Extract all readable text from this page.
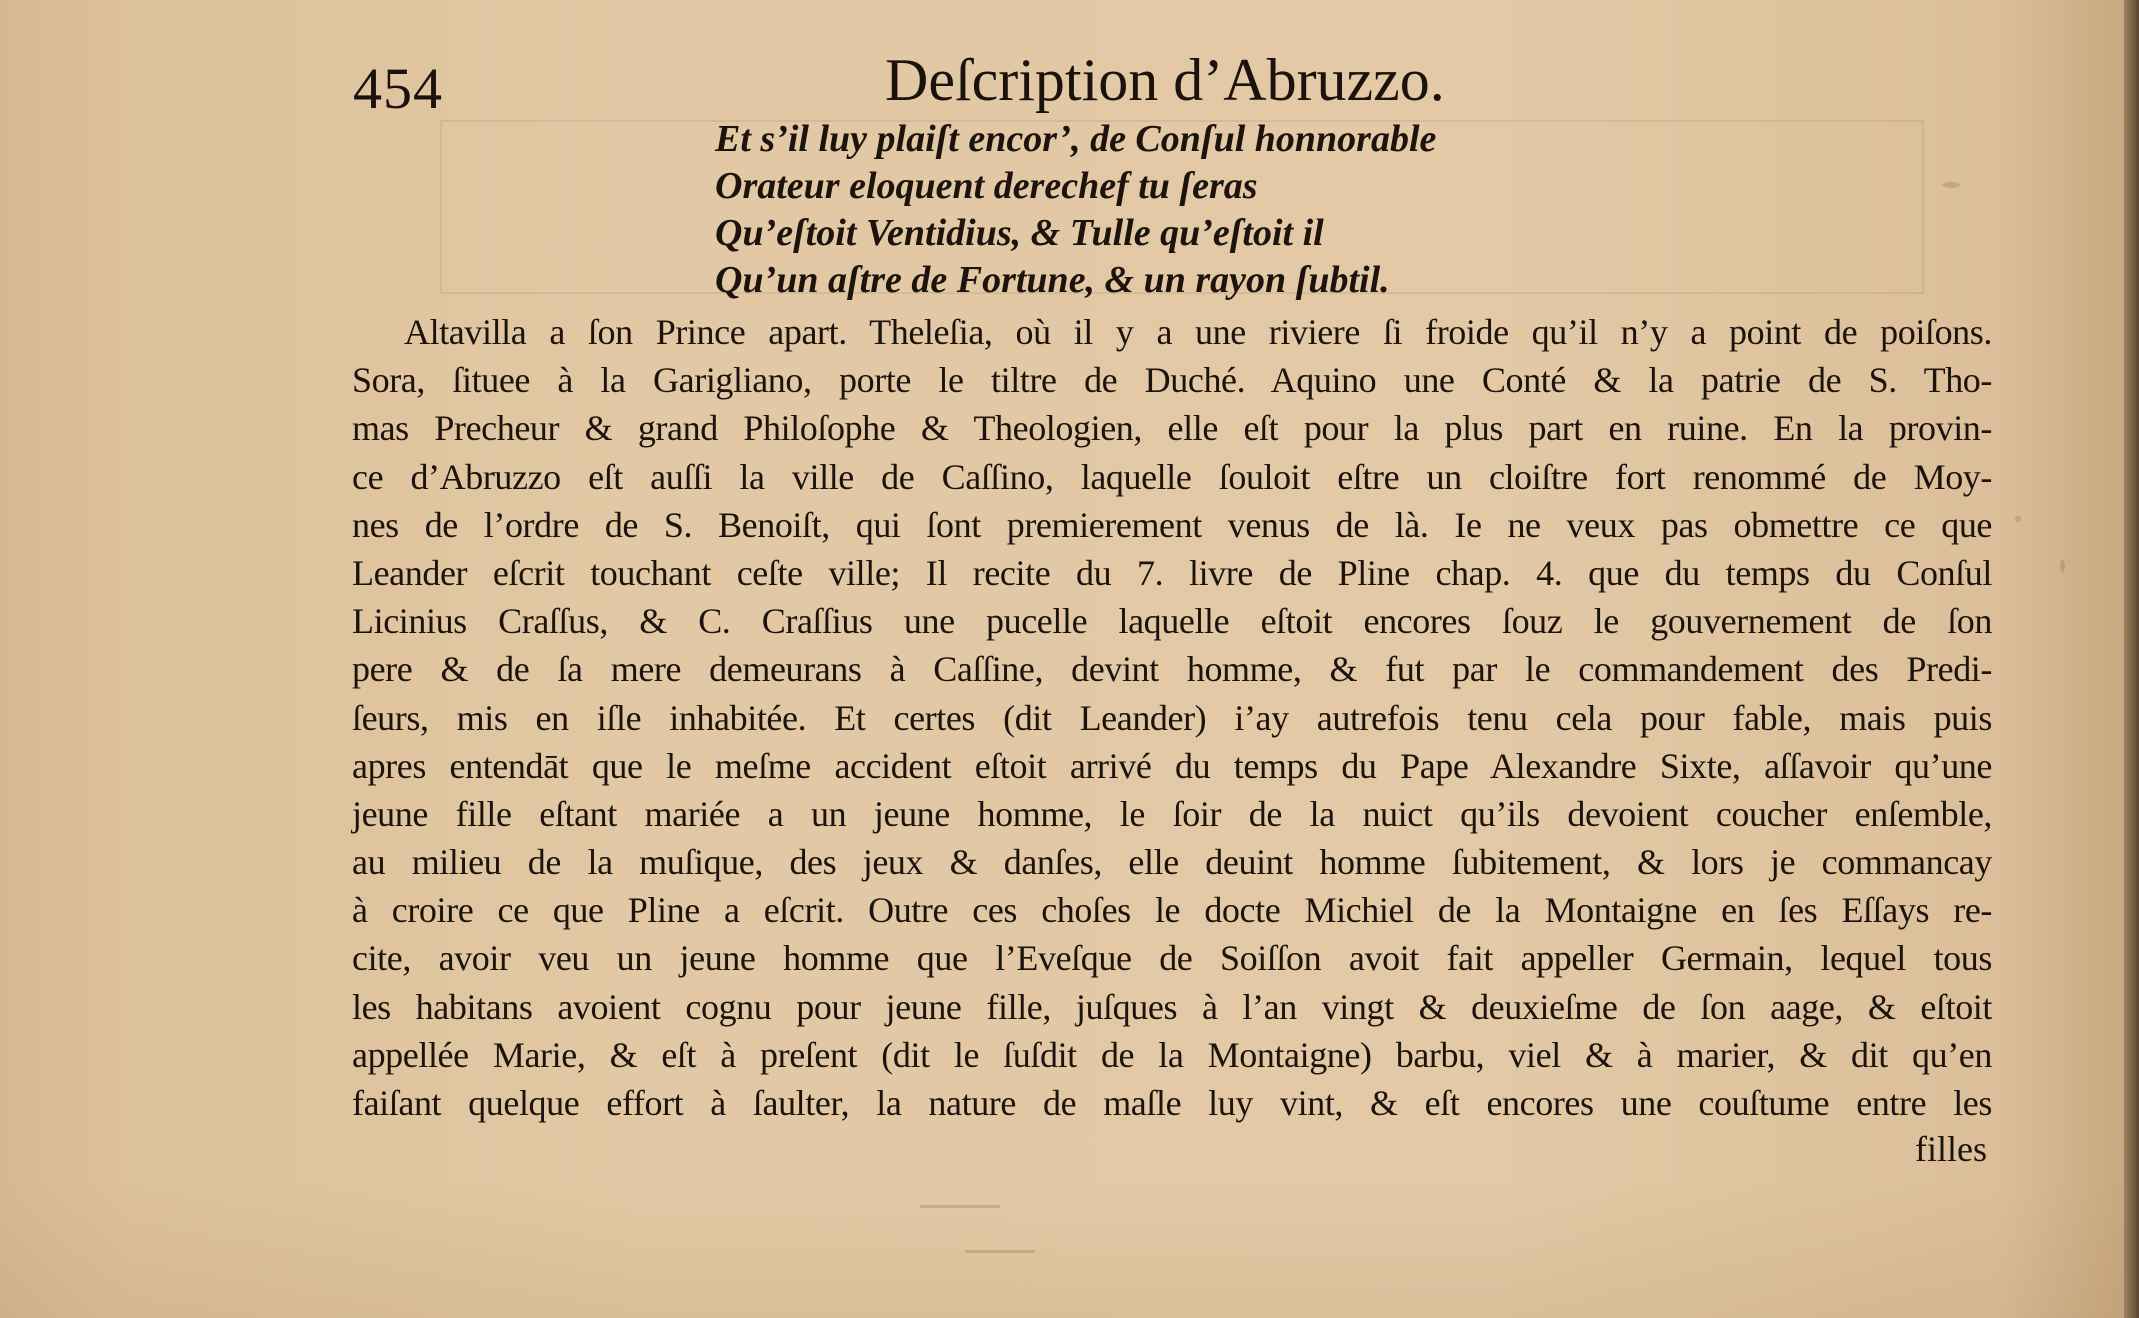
454	Deſcription d’Abruzzo.
Et s’il luy plaiſt encor’, de Conſul honnorable
Orateur eloquent derechef tu ſeras
Qu’eſtoit Ventidius, & Tulle qu’eſtoit il
Qu’un aſtre de Fortune, & un rayon ſubtil.
Altavilla a ſon Prince apart. Theleſia, où il y a une riviere ſi froide qu’il n’y a point de poiſons.
Sora, ſituee à la Garigliano, porte le tiltre de Duché. Aquino une Conté & la patrie de S. Tho-
mas Precheur & grand Philoſophe & Theologien, elle eſt pour la plus part en ruine. En la provin-
ce d’Abruzzo eſt auſſi la ville de Caſſino, laquelle ſouloit eſtre un cloiſtre fort renommé de Moy-
nes de l’ordre de S. Benoiſt, qui ſont premierement venus de là. Ie ne veux pas obmettre ce que
Leander eſcrit touchant ceſte ville; Il recite du 7. livre de Pline chap. 4. que du temps du Conſul
Licinius Craſſus, & C. Craſſius une pucelle laquelle eſtoit encores ſouz le gouvernement de ſon
pere & de ſa mere demeurans à Caſſine, devint homme, & fut par le commandement des Predi-
ſeurs, mis en iſle inhabitée. Et certes (dit Leander) i’ay autrefois tenu cela pour fable, mais puis
apres entendāt que le meſme accident eſtoit arrivé du temps du Pape Alexandre Sixte, aſſavoir qu’une
jeune fille eſtant mariée a un jeune homme, le ſoir de la nuict qu’ils devoient coucher enſemble,
au milieu de la muſique, des jeux & danſes, elle deuint homme ſubitement, & lors je commancay
à croire ce que Pline a eſcrit. Outre ces choſes le docte Michiel de la Montaigne en ſes Eſſays re-
cite, avoir veu un jeune homme que l’Eveſque de Soiſſon avoit fait appeller Germain, lequel tous
les habitans avoient cognu pour jeune fille, juſques à l’an vingt & deuxieſme de ſon aage, & eſtoit
appellée Marie, & eſt à preſent (dit le ſuſdit de la Montaigne) barbu, viel & à marier, & dit qu’en
faiſant quelque effort à ſaulter, la nature de maſle luy vint, & eſt encores une couſtume entre les
filles
